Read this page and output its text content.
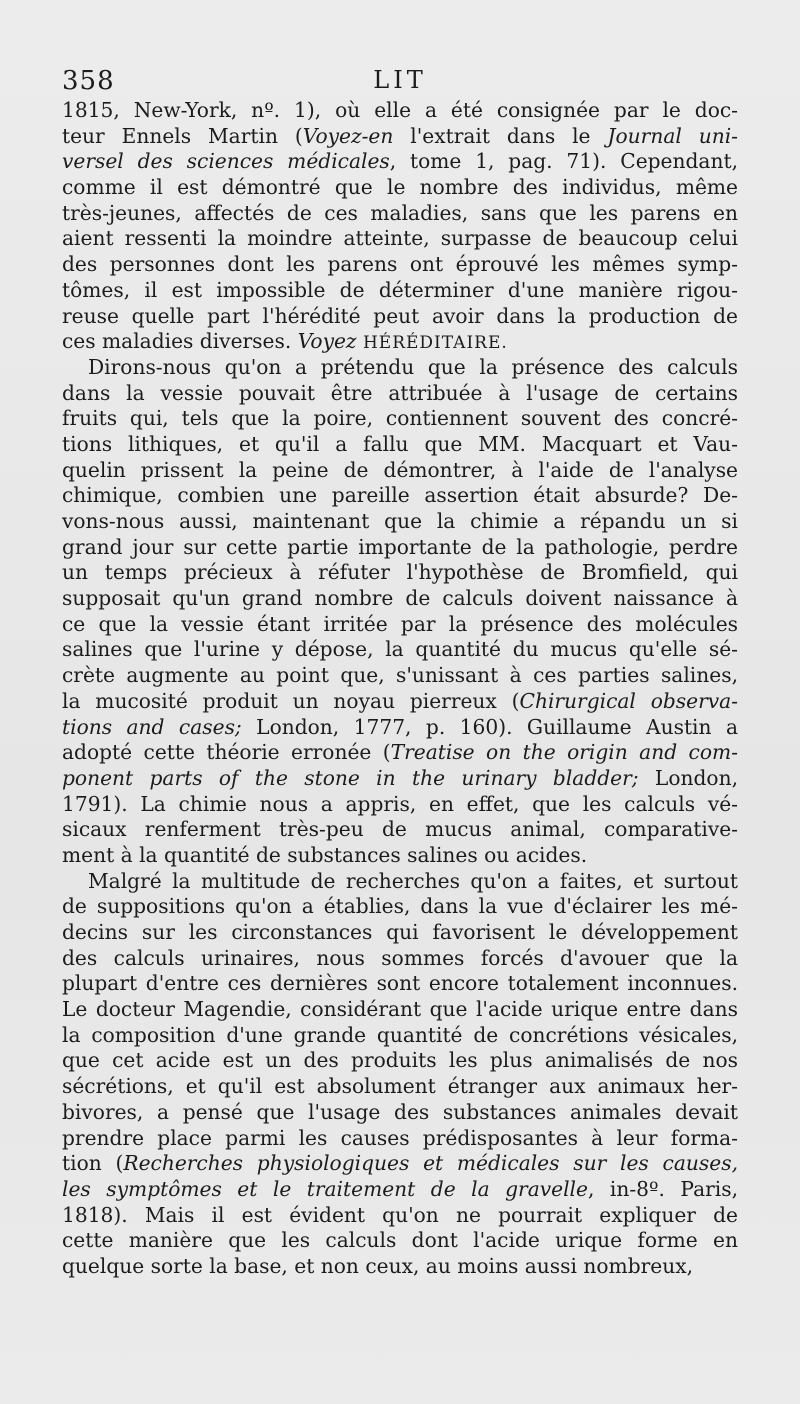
358	LIT
1815, New-York, nº. 1), où elle a été consignée par le doc-
teur Ennels Martin (Voyez-en l'extrait dans le Journal uni-
versel des sciences médicales, tome 1, pag. 71). Cependant,
comme il est démontré que le nombre des individus, même
très-jeunes, affectés de ces maladies, sans que les parens en
aient ressenti la moindre atteinte, surpasse de beaucoup celui
des personnes dont les parens ont éprouvé les mêmes symp-
tômes, il est impossible de déterminer d'une manière rigou-
reuse quelle part l'hérédité peut avoir dans la production de
ces maladies diverses. Voyez HÉRÉDITAIRE.
Dirons-nous qu'on a prétendu que la présence des calculs
dans la vessie pouvait être attribuée à l'usage de certains
fruits qui, tels que la poire, contiennent souvent des concré-
tions lithiques, et qu'il a fallu que MM. Macquart et Vau-
quelin prissent la peine de démontrer, à l'aide de l'analyse
chimique, combien une pareille assertion était absurde? De-
vons-nous aussi, maintenant que la chimie a répandu un si
grand jour sur cette partie importante de la pathologie, perdre
un temps précieux à réfuter l'hypothèse de Bromfield, qui
supposait qu'un grand nombre de calculs doivent naissance à
ce que la vessie étant irritée par la présence des molécules
salines que l'urine y dépose, la quantité du mucus qu'elle sé-
crète augmente au point que, s'unissant à ces parties salines,
la mucosité produit un noyau pierreux (Chirurgical observa-
tions and cases; London, 1777, p. 160). Guillaume Austin a
adopté cette théorie erronée (Treatise on the origin and com-
ponent parts of the stone in the urinary bladder; London,
1791). La chimie nous a appris, en effet, que les calculs vé-
sicaux renferment très-peu de mucus animal, comparative-
ment à la quantité de substances salines ou acides.
Malgré la multitude de recherches qu'on a faites, et surtout
de suppositions qu'on a établies, dans la vue d'éclairer les mé-
decins sur les circonstances qui favorisent le développement
des calculs urinaires, nous sommes forcés d'avouer que la
plupart d'entre ces dernières sont encore totalement inconnues.
Le docteur Magendie, considérant que l'acide urique entre dans
la composition d'une grande quantité de concrétions vésicales,
que cet acide est un des produits les plus animalisés de nos
sécrétions, et qu'il est absolument étranger aux animaux her-
bivores, a pensé que l'usage des substances animales devait
prendre place parmi les causes prédisposantes à leur forma-
tion (Recherches physiologiques et médicales sur les causes,
les symptômes et le traitement de la gravelle, in-8º. Paris,
1818). Mais il est évident qu'on ne pourrait expliquer de
cette manière que les calculs dont l'acide urique forme en
quelque sorte la base, et non ceux, au moins aussi nombreux,
